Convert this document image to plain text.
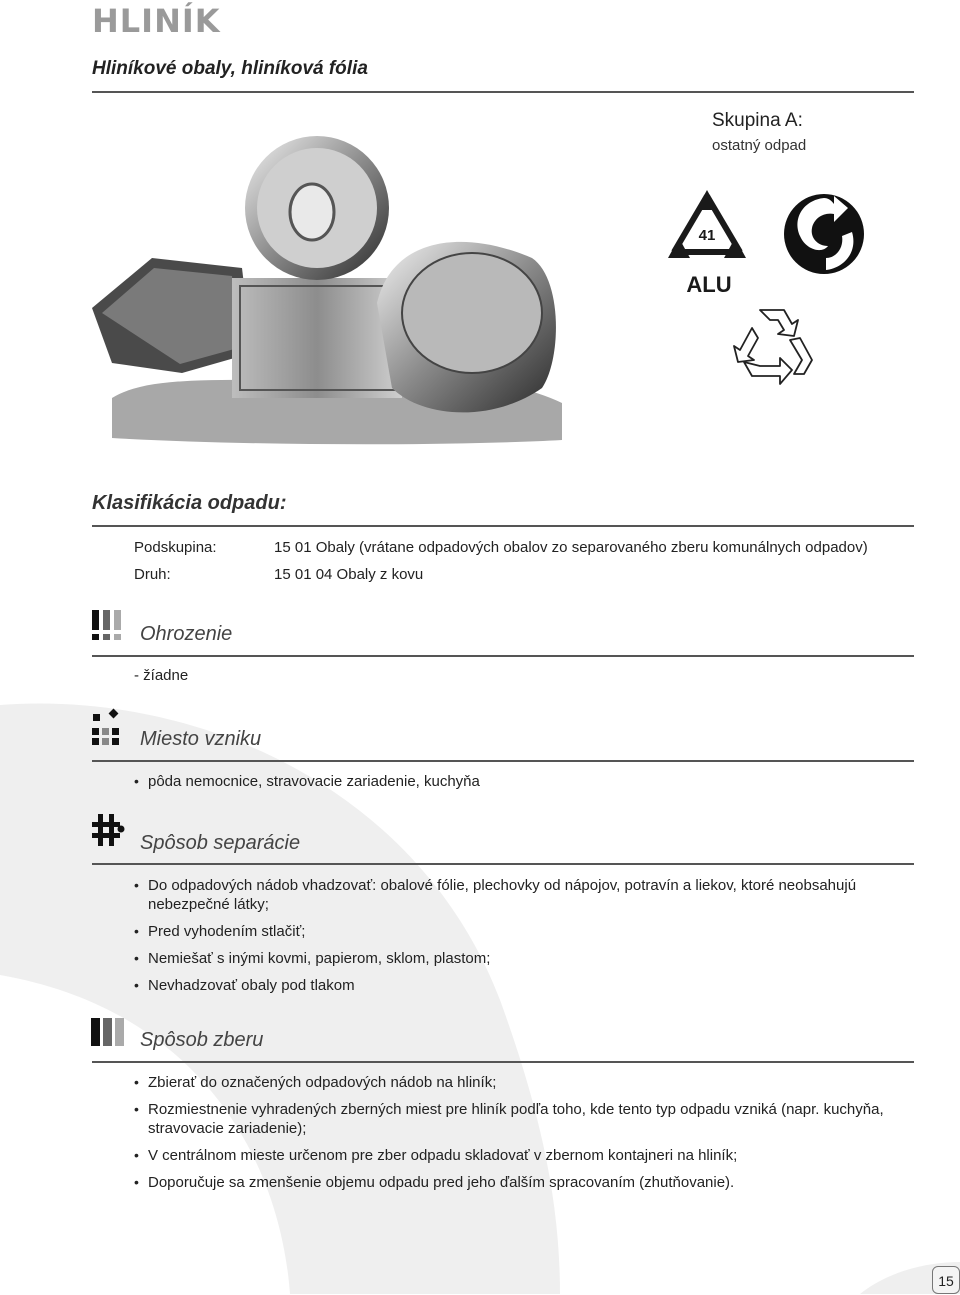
HLINÍK
Hliníkové obaly, hliníková fólia
Skupina A:
ostatný odpad
41
ALU
Klasifikácia odpadu:
Podskupina:	15 01 Obaly (vrátane odpadových obalov zo separovaného zberu komunálnych odpadov)
Druh:	15 01 04 Obaly z kovu
Ohrozenie
- žíadne
Miesto vzniku
• pôda nemocnice, stravovacie zariadenie, kuchyňa
Spôsob separácie
• Do odpadových nádob vhadzovať: obalové fólie, plechovky od nápojov, potravín a liekov, ktoré neobsahujú nebezpečné látky;
• Pred vyhodením stlačiť;
• Nemiešať s inými kovmi, papierom, sklom, plastom;
• Nevhadzovať obaly pod tlakom
Spôsob zberu
• Zbierať do označených odpadových nádob na hliník;
• Rozmiestnenie vyhradených zberných miest pre hliník podľa toho, kde tento typ odpadu vzniká (napr. kuchyňa, stravovacie zariadenie);
• V centrálnom mieste určenom pre zber odpadu skladovať v zbernom kontajneri na hliník;
• Doporučuje sa zmenšenie objemu odpadu pred jeho ďalším spracovaním (zhutňovanie).
15
